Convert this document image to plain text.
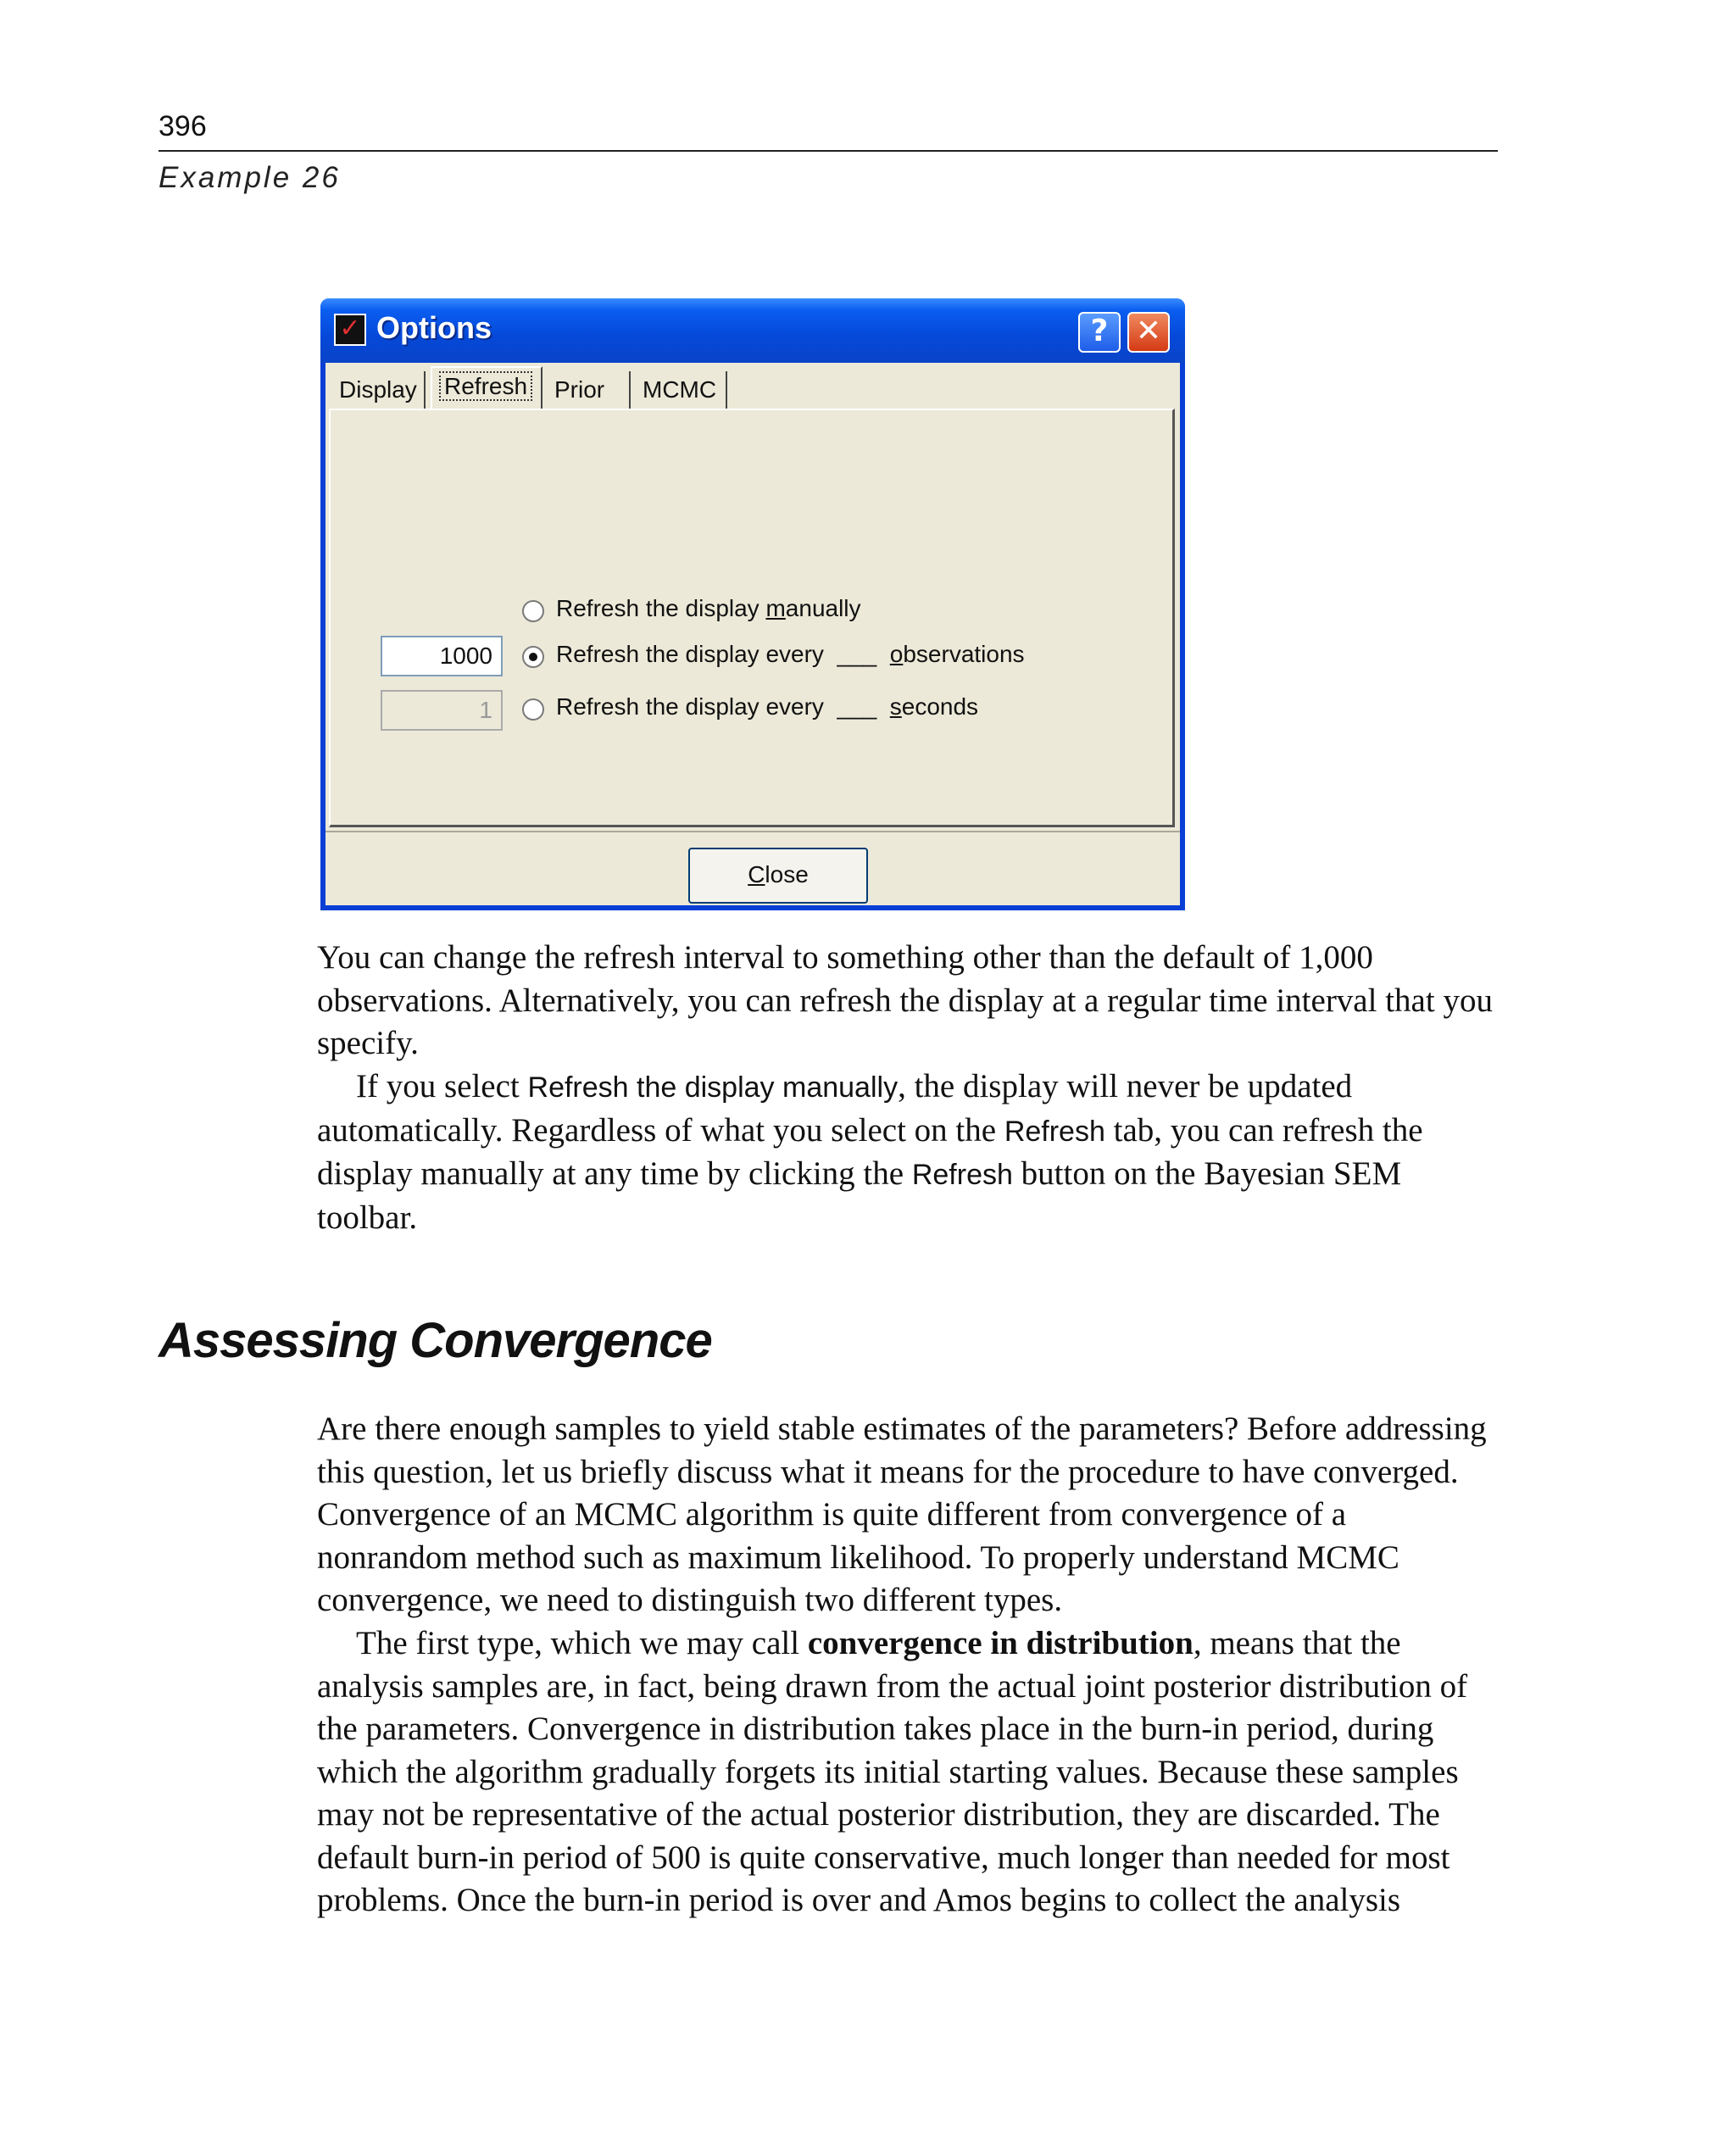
396
Example 26
✓ Options	? ✕
Display	Refresh	Prior	MCMC
Refresh the display manually
1000	Refresh the display every  ___  observations
1	Refresh the display every  ___  seconds
Close
You can change the refresh interval to something other than the default of 1,000 observations. Alternatively, you can refresh the display at a regular time interval that you specify.
If you select Refresh the display manually, the display will never be updated automatically. Regardless of what you select on the Refresh tab, you can refresh the display manually at any time by clicking the Refresh button on the Bayesian SEM toolbar.
Assessing Convergence
Are there enough samples to yield stable estimates of the parameters? Before addressing this question, let us briefly discuss what it means for the procedure to have converged. Convergence of an MCMC algorithm is quite different from convergence of a nonrandom method such as maximum likelihood. To properly understand MCMC convergence, we need to distinguish two different types.
The first type, which we may call convergence in distribution, means that the analysis samples are, in fact, being drawn from the actual joint posterior distribution of the parameters. Convergence in distribution takes place in the burn-in period, during which the algorithm gradually forgets its initial starting values. Because these samples may not be representative of the actual posterior distribution, they are discarded. The default burn-in period of 500 is quite conservative, much longer than needed for most problems. Once the burn-in period is over and Amos begins to collect the analysis
